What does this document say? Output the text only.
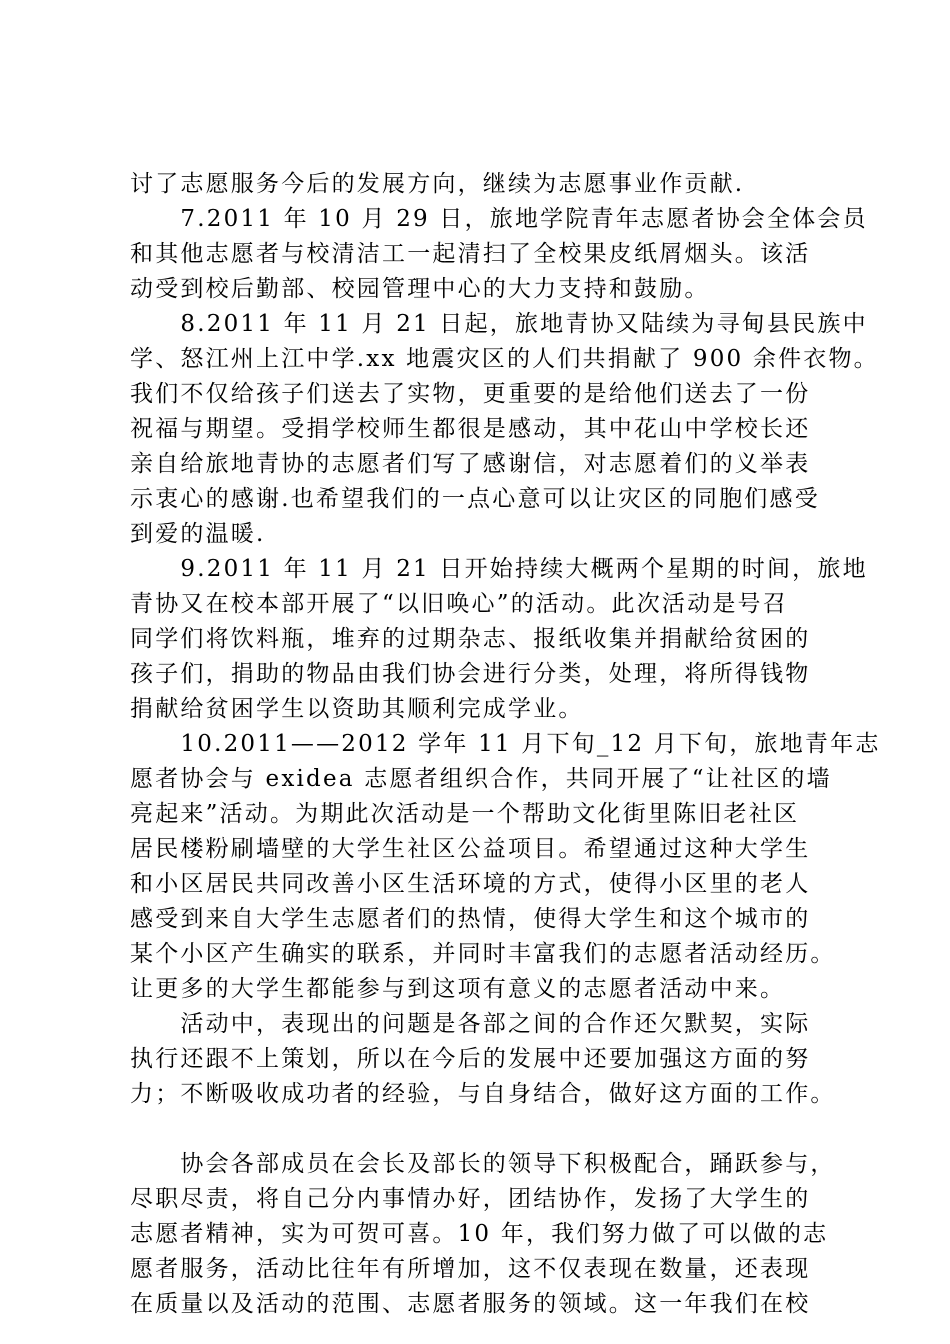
讨了志愿服务今后的发展方向，继续为志愿事业作贡献.
　　7.2011 年 10 月 29 日，旅地学院青年志愿者协会全体会员
和其他志愿者与校清洁工一起清扫了全校果皮纸屑烟头。该活
动受到校后勤部、校园管理中心的大力支持和鼓励。
　　8.2011 年 11 月 21 日起，旅地青协又陆续为寻甸县民族中
学、怒江州上江中学.xx 地震灾区的人们共捐献了 900 余件衣物。
我们不仅给孩子们送去了实物，更重要的是给他们送去了一份
祝福与期望。受捐学校师生都很是感动，其中花山中学校长还
亲自给旅地青协的志愿者们写了感谢信，对志愿着们的义举表
示衷心的感谢.也希望我们的一点心意可以让灾区的同胞们感受
到爱的温暖.
　　9.2011 年 11 月 21 日开始持续大概两个星期的时间，旅地
青协又在校本部开展了“以旧唤心”的活动。此次活动是号召
同学们将饮料瓶，堆弃的过期杂志、报纸收集并捐献给贫困的
孩子们，捐助的物品由我们协会进行分类，处理，将所得钱物
捐献给贫困学生以资助其顺利完成学业。
　　10.2011——2012 学年 11 月下旬_12 月下旬，旅地青年志
愿者协会与 exidea 志愿者组织合作，共同开展了“让社区的墙
亮起来”活动。为期此次活动是一个帮助文化街里陈旧老社区
居民楼粉刷墙壁的大学生社区公益项目。希望通过这种大学生
和小区居民共同改善小区生活环境的方式，使得小区里的老人
感受到来自大学生志愿者们的热情，使得大学生和这个城市的
某个小区产生确实的联系，并同时丰富我们的志愿者活动经历。
让更多的大学生都能参与到这项有意义的志愿者活动中来。
　　活动中，表现出的问题是各部之间的合作还欠默契，实际
执行还跟不上策划，所以在今后的发展中还要加强这方面的努
力；不断吸收成功者的经验，与自身结合，做好这方面的工作。
　　协会各部成员在会长及部长的领导下积极配合，踊跃参与，
尽职尽责，将自己分内事情办好，团结协作，发扬了大学生的
志愿者精神，实为可贺可喜。10 年，我们努力做了可以做的志
愿者服务，活动比往年有所增加，这不仅表现在数量，还表现
在质量以及活动的范围、志愿者服务的领域。这一年我们在校
